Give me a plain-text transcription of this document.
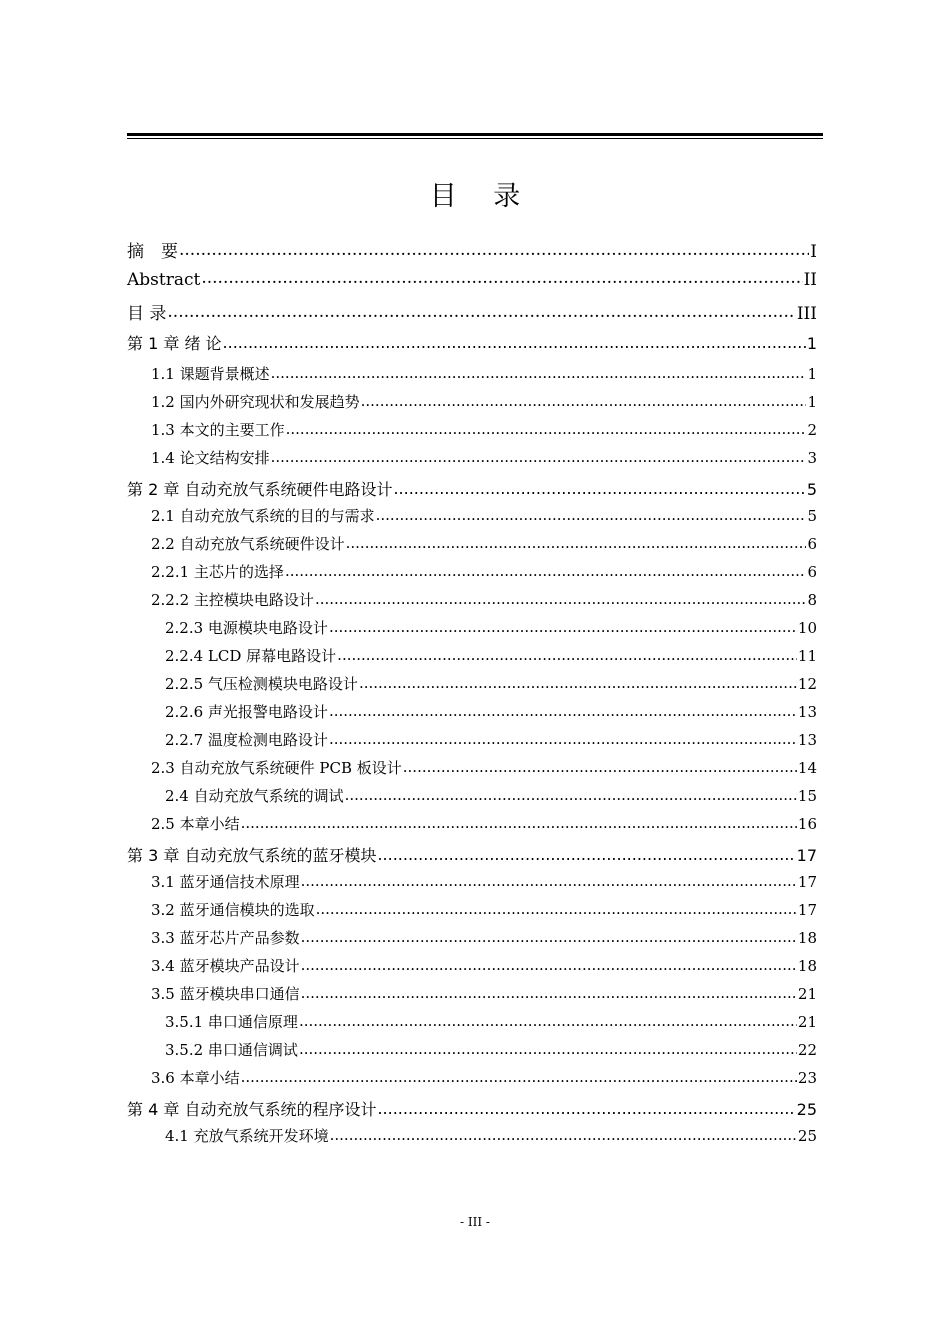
目 录
摘　要 .....	I
Abstract .....	II
目 录 .....	III
第 1 章 绪 论 .....	1
1.1 课题背景概述 .....	1
1.2 国内外研究现状和发展趋势 .....	1
1.3 本文的主要工作 .....	2
1.4 论文结构安排 .....	3
第 2 章 自动充放气系统硬件电路设计 .....	5
2.1 自动充放气系统的目的与需求 .....	5
2.2 自动充放气系统硬件设计 .....	6
2.2.1 主芯片的选择 .....	6
2.2.2 主控模块电路设计 .....	8
2.2.3 电源模块电路设计 .....	10
2.2.4 LCD 屏幕电路设计 .....	11
2.2.5 气压检测模块电路设计 .....	12
2.2.6 声光报警电路设计 .....	13
2.2.7 温度检测电路设计 .....	13
2.3 自动充放气系统硬件 PCB 板设计 .....	14
2.4 自动充放气系统的调试 .....	15
2.5 本章小结 .....	16
第 3 章 自动充放气系统的蓝牙模块 .....	17
3.1 蓝牙通信技术原理 .....	17
3.2 蓝牙通信模块的选取 .....	17
3.3 蓝牙芯片产品参数 .....	18
3.4 蓝牙模块产品设计 .....	18
3.5 蓝牙模块串口通信 .....	21
3.5.1 串口通信原理 .....	21
3.5.2 串口通信调试 .....	22
3.6 本章小结 .....	23
第 4 章 自动充放气系统的程序设计 .....	25
4.1 充放气系统开发环境 .....	25
- III -
